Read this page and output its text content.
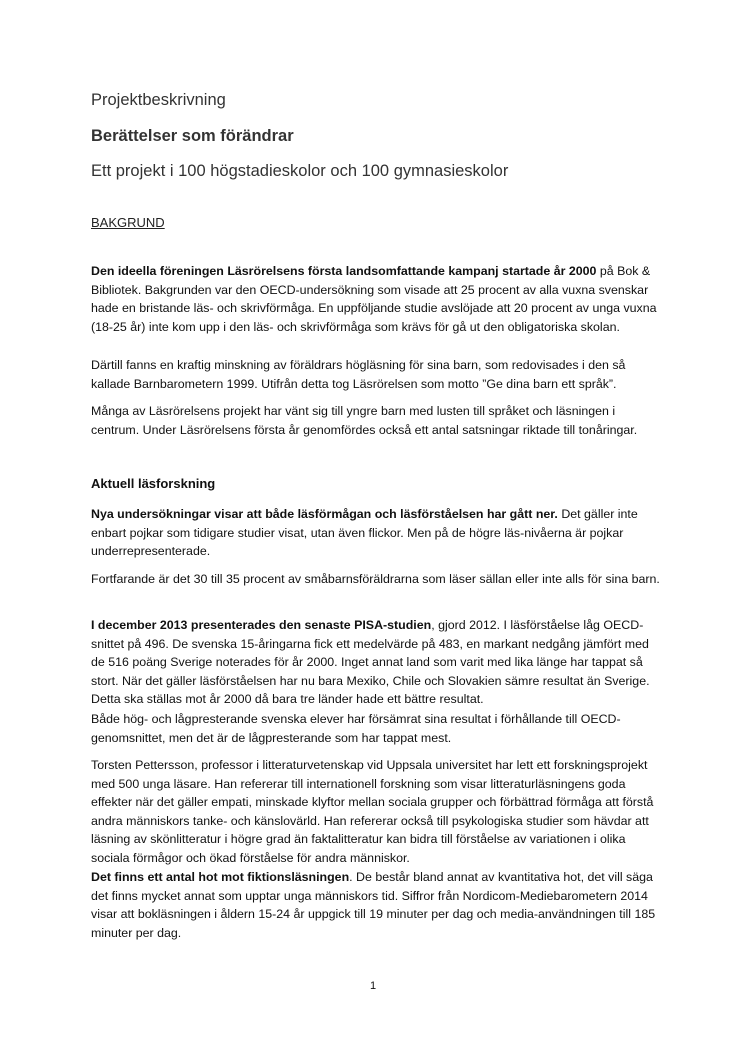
Projektbeskrivning
Berättelser som förändrar
Ett projekt i 100 högstadieskolor och 100 gymnasieskolor
BAKGRUND

Den ideella föreningen Läsrörelsens första landsomfattande kampanj startade år 2000 på Bok & Bibliotek. Bakgrunden var den OECD-undersökning som visade att 25 procent av alla vuxna svenskar hade en bristande läs- och skrivförmåga. En uppföljande studie avslöjade att 20 procent av unga vuxna (18-25 år) inte kom upp i den läs- och skrivförmåga som krävs för gå ut den obligatoriska skolan.

Därtill fanns en kraftig minskning av föräldrars högläsning för sina barn, som redovisades i den så kallade Barnbarometern 1999. Utifrån detta tog Läsrörelsen som motto ”Ge dina barn ett språk”.

Många av Läsrörelsens projekt har vänt sig till yngre barn med lusten till språket och läsningen i centrum. Under Läsrörelsens första år genomfördes också ett antal satsningar riktade till tonåringar.

Aktuell läsforskning

Nya undersökningar visar att både läsförmågan och läsförståelsen har gått ner. Det gäller inte enbart pojkar som tidigare studier visat, utan även flickor. Men på de högre läs-nivåerna är pojkar underrepresenterade.

Fortfarande är det 30 till 35 procent av småbarnsföräldrarna som läser sällan eller inte alls för sina barn.

I december 2013 presenterades den senaste PISA-studien, gjord 2012. I läsförståelse låg OECD-snittet på 496. De svenska 15-åringarna fick ett medelvärde på 483, en markant nedgång jämfört med de 516 poäng Sverige noterades för år 2000. Inget annat land som varit med lika länge har tappat så stort. När det gäller läsförståelsen har nu bara Mexiko, Chile och Slovakien sämre resultat än Sverige. Detta ska ställas mot år 2000 då bara tre länder hade ett bättre resultat.

Både hög- och lågpresterande svenska elever har försämrat sina resultat i förhållande till OECD-genomsnittet, men det är de lågpresterande som har tappat mest.

Torsten Pettersson, professor i litteraturvetenskap vid Uppsala universitet har lett ett forskningsprojekt med 500 unga läsare. Han refererar till internationell forskning som visar litteraturläsningens goda effekter när det gäller empati, minskade klyftor mellan sociala grupper och förbättrad förmåga att förstå andra människors tanke- och känslovärld. Han refererar också till psykologiska studier som hävdar att läsning av skönlitteratur i högre grad än faktalitteratur kan bidra till förståelse av variationen i olika sociala förmågor och ökad förståelse för andra människor.

Det finns ett antal hot mot fiktionsläsningen. De består bland annat av kvantitativa hot, det vill säga det finns mycket annat som upptar unga människors tid. Siffror från Nordicom-Mediebarometern 2014 visar att bokläsningen i åldern 15-24 år uppgick till 19 minuter per dag och media-användningen till 185 minuter per dag.

1
